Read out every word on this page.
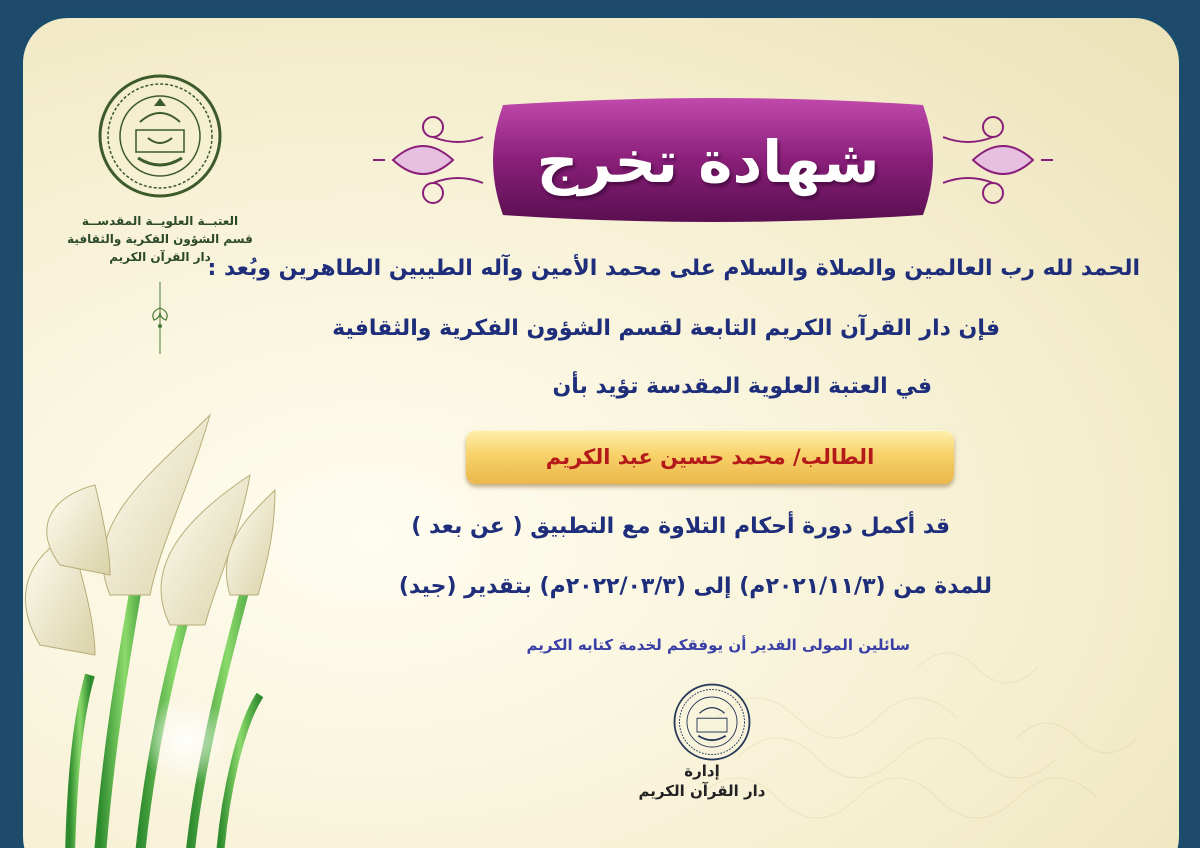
العتبــة العلويــة المقدســة

قسم الشؤون الفكرية والثقافية

دار القرآن الكريم

شهادة تخرج
الحمد لله رب العالمين والصلاة والسلام على محمد الأمين وآله الطيبين الطاهرين وبُعد :
فإن دار القرآن الكريم التابعة لقسم الشؤون الفكرية والثقافية
في العتبة العلوية المقدسة تؤيد بأن
الطالب/ محمد حسين عبد الكريم
قد أكمل دورة أحكام التلاوة مع التطبيق ( عن بعد )
للمدة من (٢٠٢١/١١/٣م) إلى (٢٠٢٢/٠٣/٣م) بتقدير (جيد)
سائلين المولى القدير أن يوفقكم لخدمة كتابه الكريم
إدارة
دار القرآن الكريم
